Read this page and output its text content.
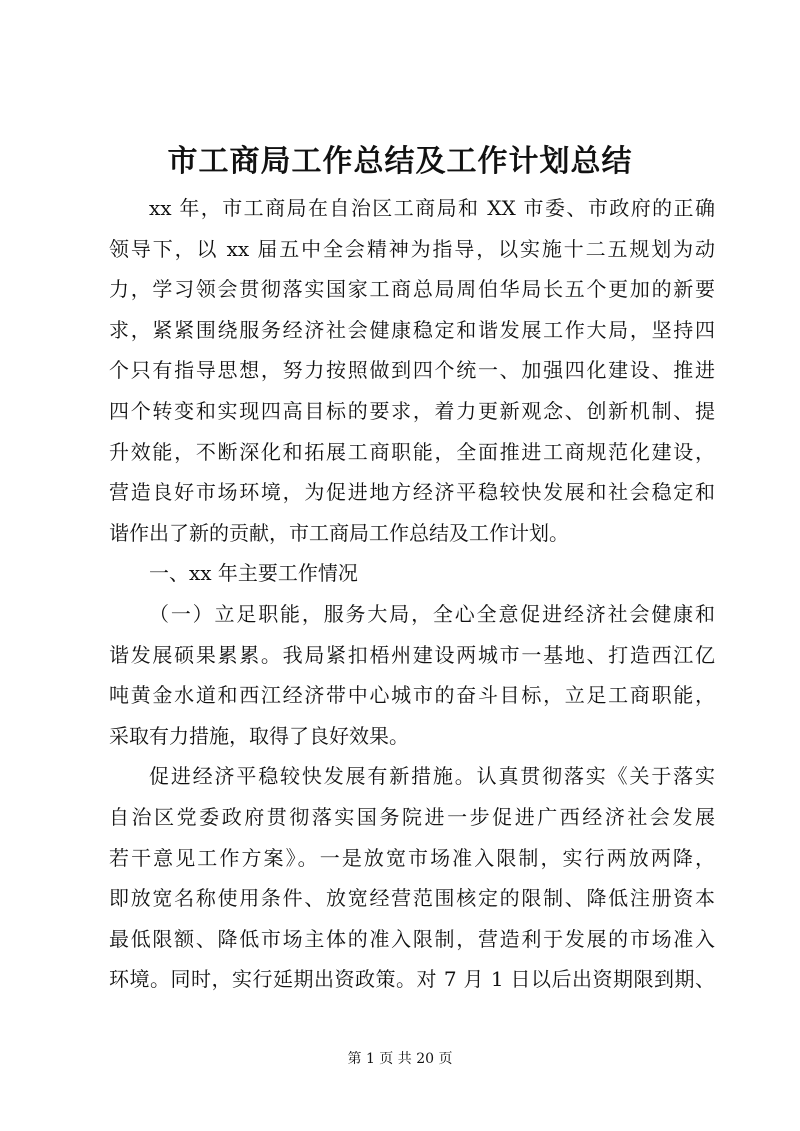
市工商局工作总结及工作计划总结
xx 年，市工商局在自治区工商局和 XX 市委、市政府的正确
领导下，以 xx 届五中全会精神为指导，以实施十二五规划为动
力，学习领会贯彻落实国家工商总局周伯华局长五个更加的新要
求，紧紧围绕服务经济社会健康稳定和谐发展工作大局，坚持四
个只有指导思想，努力按照做到四个统一、加强四化建设、推进
四个转变和实现四高目标的要求，着力更新观念、创新机制、提
升效能，不断深化和拓展工商职能，全面推进工商规范化建设，
营造良好市场环境，为促进地方经济平稳较快发展和社会稳定和
谐作出了新的贡献，市工商局工作总结及工作计划。
一、xx 年主要工作情况
（一）立足职能，服务大局，全心全意促进经济社会健康和
谐发展硕果累累。我局紧扣梧州建设两城市一基地、打造西江亿
吨黄金水道和西江经济带中心城市的奋斗目标，立足工商职能，
采取有力措施，取得了良好效果。
促进经济平稳较快发展有新措施。认真贯彻落实《关于落实
自治区党委政府贯彻落实国务院进一步促进广西经济社会发展
若干意见工作方案》。一是放宽市场准入限制，实行两放两降，
即放宽名称使用条件、放宽经营范围核定的限制、降低注册资本
最低限额、降低市场主体的准入限制，营造利于发展的市场准入
环境。同时，实行延期出资政策。对 7 月 1 日以后出资期限到期、
第 1 页 共 20 页
